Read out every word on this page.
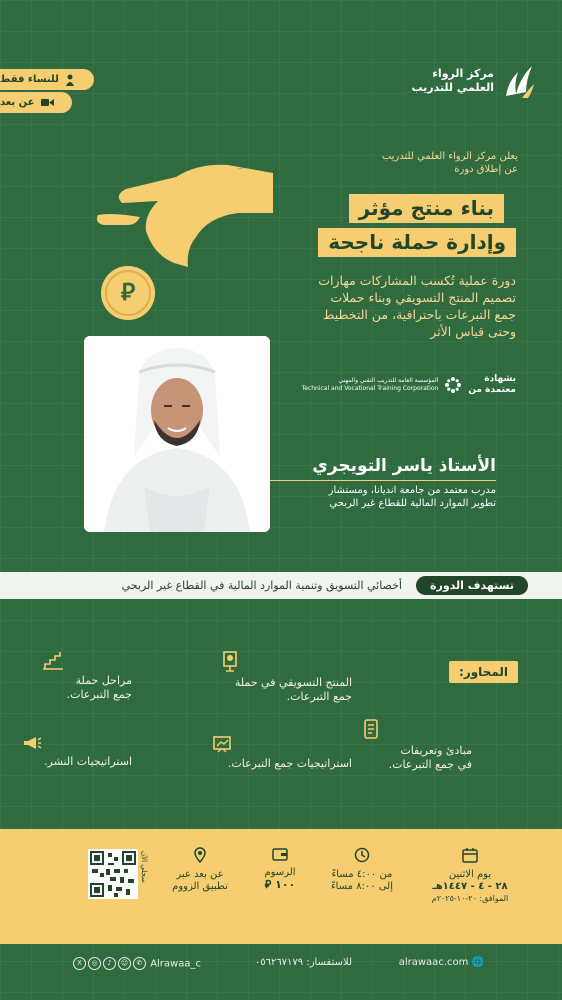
للنساء فقط
عن بعد
مركز الرواء
العلمي للتدريب
يعلن مركز الرواء العلمي للتدريب
عن إطلاق دورة
⃁
بناء منتج مؤثر
وإدارة حملة ناجحة
دورة عملية تُكسب المشاركات مهارات
تصميم المنتج التسويقي وبناء حملات
جمع التبرعات باحترافية، من التخطيط
وحتى قياس الأثر
بشهادة
معتمدة من
المؤسسة العامة للتدريب التقني والمهني
Technical and Vocational Training Corporation
الأستاذ ياسر التويجري
مدرب معتمد من جامعة انديانا، ومستشار
تطوير الموارد المالية للقطاع غير الربحي
تستهدف الدورة
أخصائي التسويق وتنمية الموارد المالية في القطاع غير الربحي
المحاور:
مبادئ وتعريفات
في جمع التبرعات.
المنتج التسويقي في حملة
جمع التبرعات.
مراحل حملة
جمع التبرعات.
استراتيجيات جمع التبرعات.
استراتيجيات النشر.
يوم الاثنين
٢٨ - ٤ - ١٤٤٧هـ
الموافق: ٢٠-١٠-٢٠٢٥م
من ٤:٠٠ مساءً
إلى ٨:٠٠ مساءً
الرسوم
١٠٠ ⃁
عن بعد عبر
تطبيق الزووم
سجلي الآن
🌐 alrawaac.com
للاستفسار: ٠٥٦٢٦٧١٧٩
X ◎ ♪ ☺ ✆ Alrawaa_c
